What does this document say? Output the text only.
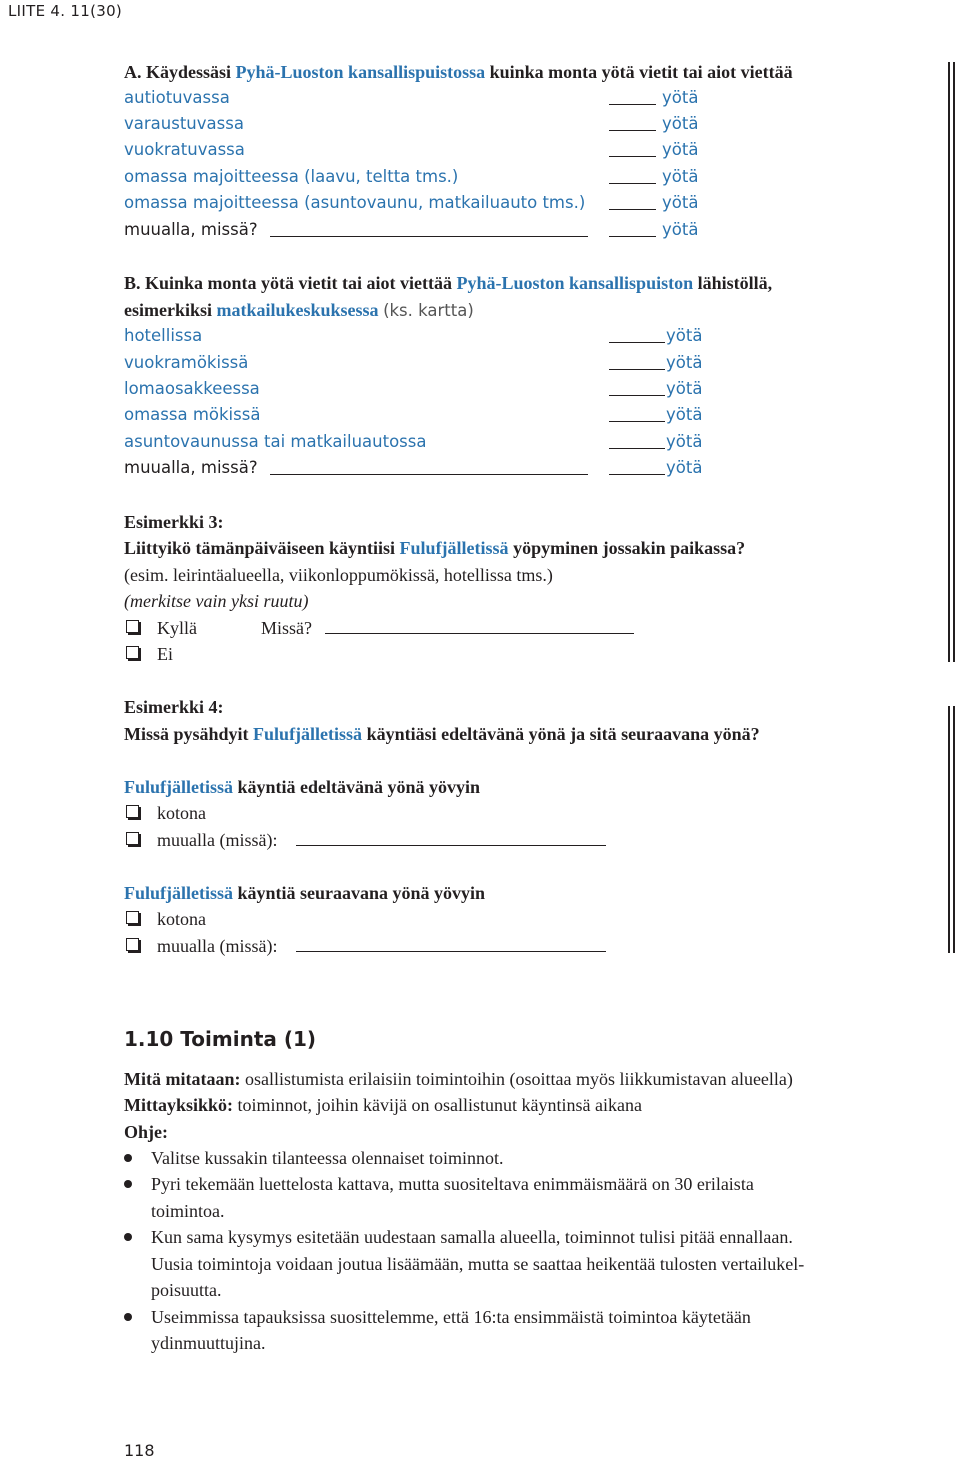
LIITE 4. 11(30)
A. Käydessäsi Pyhä-Luoston kansallispuistossa kuinka monta yötä vietit tai aiot viettää
autiotuvassa
varaustuvassa
vuokratuvassa
omassa majoitteessa (laavu, teltta tms.)
omassa majoitteessa (asuntovaunu, matkailuauto tms.)
muualla, missä?
yötä
yötä
yötä
yötä
yötä
yötä
B. Kuinka monta yötä vietit tai aiot viettää Pyhä-Luoston kansallispuiston lähistöllä,
esimerkiksi matkailukeskuksessa (ks. kartta)
hotellissa
vuokramökissä
lomaosakkeessa
omassa mökissä
asuntovaunussa tai matkailuautossa
muualla, missä?
yötä
yötä
yötä
yötä
yötä
yötä
Esimerkki 3:
Liittyikö tämänpäiväiseen käyntiisi Fulufjälletissä yöpyminen jossakin paikassa?
(esim. leirintäalueella, viikonloppumökissä, hotellissa tms.)
(merkitse vain yksi ruutu)
Kyllä	Missä?
Ei
Esimerkki 4:
Missä pysähdyit Fulufjälletissä käyntiäsi edeltävänä yönä ja sitä seuraavana yönä?
Fulufjälletissä käyntiä edeltävänä yönä yövyin
kotona
muualla (missä):
Fulufjälletissä käyntiä seuraavana yönä yövyin
kotona
muualla (missä):
1.10 Toiminta (1)
Mitä mitataan: osallistumista erilaisiin toimintoihin (osoittaa myös liikkumistavan alueella)
Mittayksikkö: toiminnot, joihin kävijä on osallistunut käyntinsä aikana
Ohje:
Valitse kussakin tilanteessa olennaiset toiminnot.
Pyri tekemään luettelosta kattava, mutta suositeltava enimmäismäärä on 30 erilaista
toimintoa.
Kun sama kysymys esitetään uudestaan samalla alueella, toiminnot tulisi pitää ennallaan.
Uusia toimintoja voidaan joutua lisäämään, mutta se saattaa heikentää tulosten vertailukel-
poisuutta.
Useimmissa tapauksissa suosittelemme, että 16:ta ensimmäistä toimintoa käytetään
ydinmuuttujina.
118
